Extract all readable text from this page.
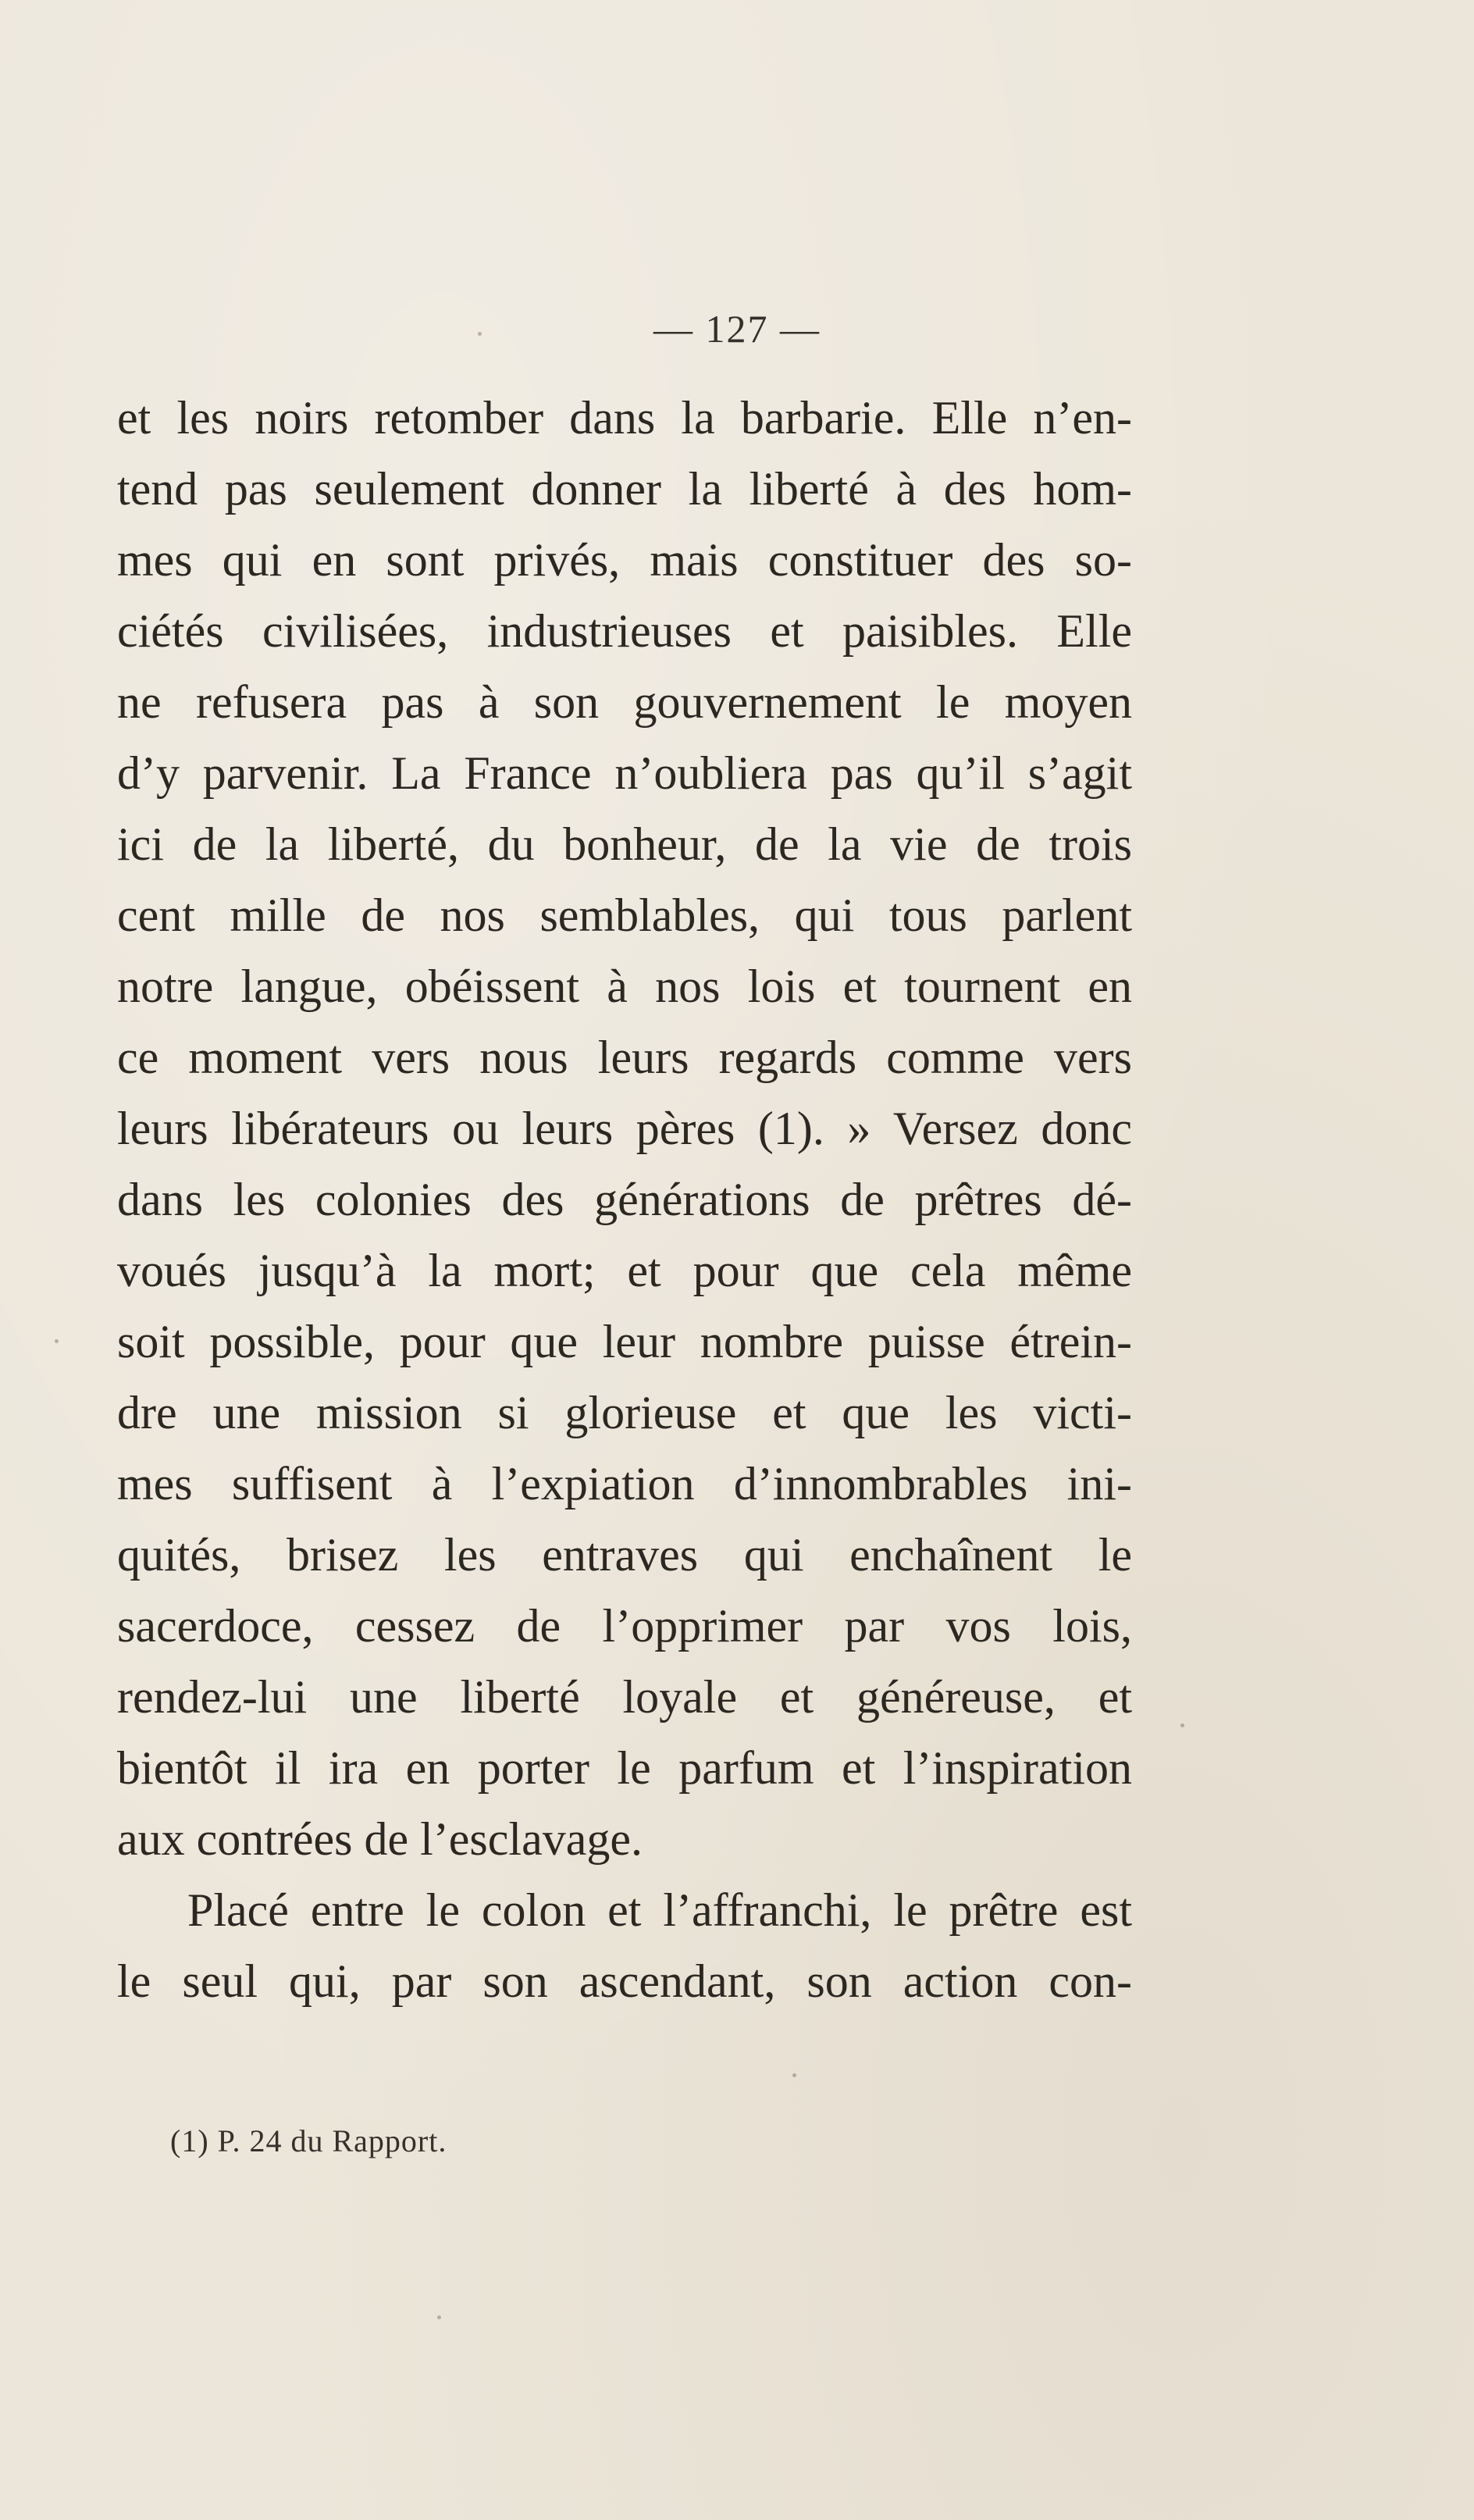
— 127 —
et les noirs retomber dans la barbarie. Elle n’en-
tend pas seulement donner la liberté à des hom-
mes qui en sont privés, mais constituer des so-
ciétés civilisées, industrieuses et paisibles. Elle
ne refusera pas à son gouvernement le moyen
d’y parvenir. La France n’oubliera pas qu’il s’agit
ici de la liberté, du bonheur, de la vie de trois
cent mille de nos semblables, qui tous parlent
notre langue, obéissent à nos lois et tournent en
ce moment vers nous leurs regards comme vers
leurs libérateurs ou leurs pères (1). » Versez donc
dans les colonies des générations de prêtres dé-
voués jusqu’à la mort; et pour que cela même
soit possible, pour que leur nombre puisse étrein-
dre une mission si glorieuse et que les victi-
mes suffisent à l’expiation d’innombrables ini-
quités, brisez les entraves qui enchaînent le
sacerdoce, cessez de l’opprimer par vos lois,
rendez-lui une liberté loyale et généreuse, et
bientôt il ira en porter le parfum et l’inspiration
aux contrées de l’esclavage.
Placé entre le colon et l’affranchi, le prêtre est
le seul qui, par son ascendant, son action con-
(1) P. 24 du Rapport.
